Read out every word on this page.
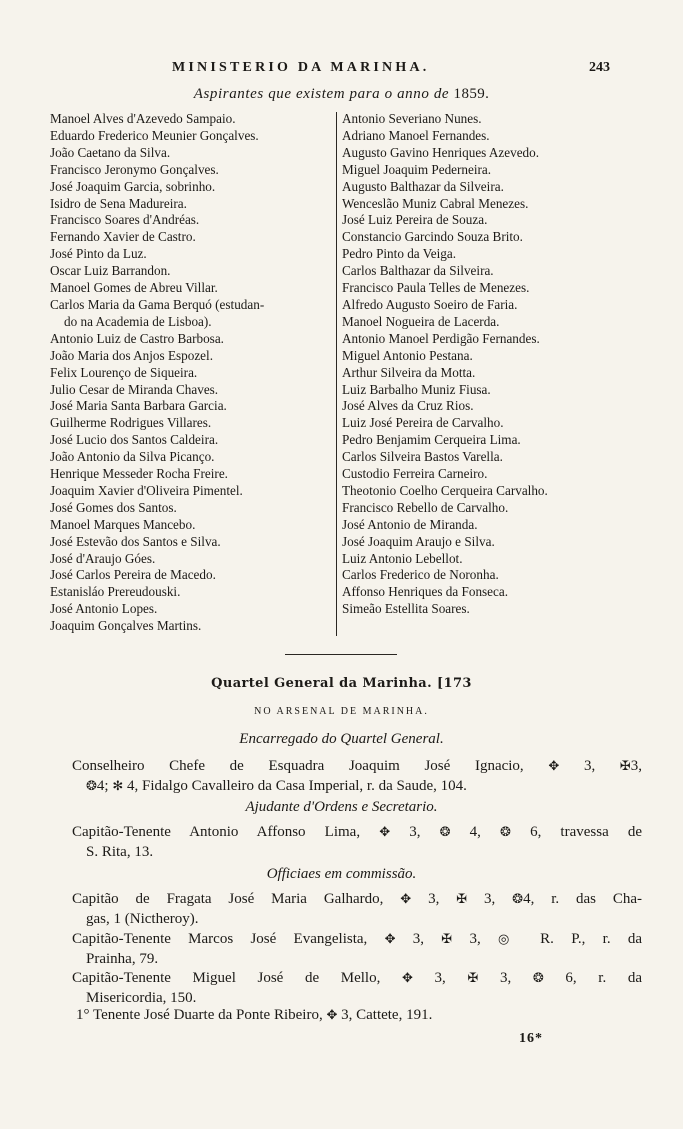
MINISTERIO DA MARINHA.	243
Aspirantes que existem para o anno de 1859.
Manoel Alves d'Azevedo Sampaio.
Eduardo Frederico Meunier Gonçalves.
João Caetano da Silva.
Francisco Jeronymo Gonçalves.
José Joaquim Garcia, sobrinho.
Isidro de Sena Madureira.
Francisco Soares d'Andréas.
Fernando Xavier de Castro.
José Pinto da Luz.
Oscar Luiz Barrandon.
Manoel Gomes de Abreu Villar.
Carlos Maria da Gama Berquó (estudan-
do na Academia de Lisboa).
Antonio Luiz de Castro Barbosa.
João Maria dos Anjos Espozel.
Felix Lourenço de Siqueira.
Julio Cesar de Miranda Chaves.
José Maria Santa Barbara Garcia.
Guilherme Rodrigues Villares.
José Lucio dos Santos Caldeira.
João Antonio da Silva Picanço.
Henrique Messeder Rocha Freire.
Joaquim Xavier d'Oliveira Pimentel.
José Gomes dos Santos.
Manoel Marques Mancebo.
José Estevão dos Santos e Silva.
José d'Araujo Góes.
José Carlos Pereira de Macedo.
Estanisláo Prereudouski.
José Antonio Lopes.
Joaquim Gonçalves Martins.
Antonio Severiano Nunes.
Adriano Manoel Fernandes.
Augusto Gavino Henriques Azevedo.
Miguel Joaquim Pederneira.
Augusto Balthazar da Silveira.
Wenceslão Muniz Cabral Menezes.
José Luiz Pereira de Souza.
Constancio Garcindo Souza Brito.
Pedro Pinto da Veiga.
Carlos Balthazar da Silveira.
Francisco Paula Telles de Menezes.
Alfredo Augusto Soeiro de Faria.
Manoel Nogueira de Lacerda.
Antonio Manoel Perdigão Fernandes.
Miguel Antonio Pestana.
Arthur Silveira da Motta.
Luiz Barbalho Muniz Fiusa.
José Alves da Cruz Rios.
Luiz José Pereira de Carvalho.
Pedro Benjamim Cerqueira Lima.
Carlos Silveira Bastos Varella.
Custodio Ferreira Carneiro.
Theotonio Coelho Cerqueira Carvalho.
Francisco Rebello de Carvalho.
José Antonio de Miranda.
José Joaquim Araujo e Silva.
Luiz Antonio Lebellot.
Carlos Frederico de Noronha.
Affonso Henriques da Fonseca.
Simeão Estellita Soares.
Quartel General da Marinha. [173
NO ARSENAL DE MARINHA.
Encarregado do Quartel General.
Conselheiro Chefe de Esquadra Joaquim José Ignacio, ✥ 3, ✠3,
❂4; ✻ 4, Fidalgo Cavalleiro da Casa Imperial, r. da Saude, 104.
Ajudante d'Ordens e Secretario.
Capitão-Tenente Antonio Affonso Lima, ✥ 3, ❂ 4, ❂ 6, travessa de
S. Rita, 13.
Officiaes em commissão.
Capitão de Fragata José Maria Galhardo, ✥ 3, ✠ 3, ❂4, r. das Cha-
gas, 1 (Nictheroy).
Capitão-Tenente Marcos José Evangelista, ✥ 3, ✠ 3, ◎ R. P., r. da
Prainha, 79.
Capitão-Tenente Miguel José de Mello, ✥ 3, ✠ 3, ❂ 6, r. da
Misericordia, 150.
1° Tenente José Duarte da Ponte Ribeiro, ✥ 3, Cattete, 191.
16*
